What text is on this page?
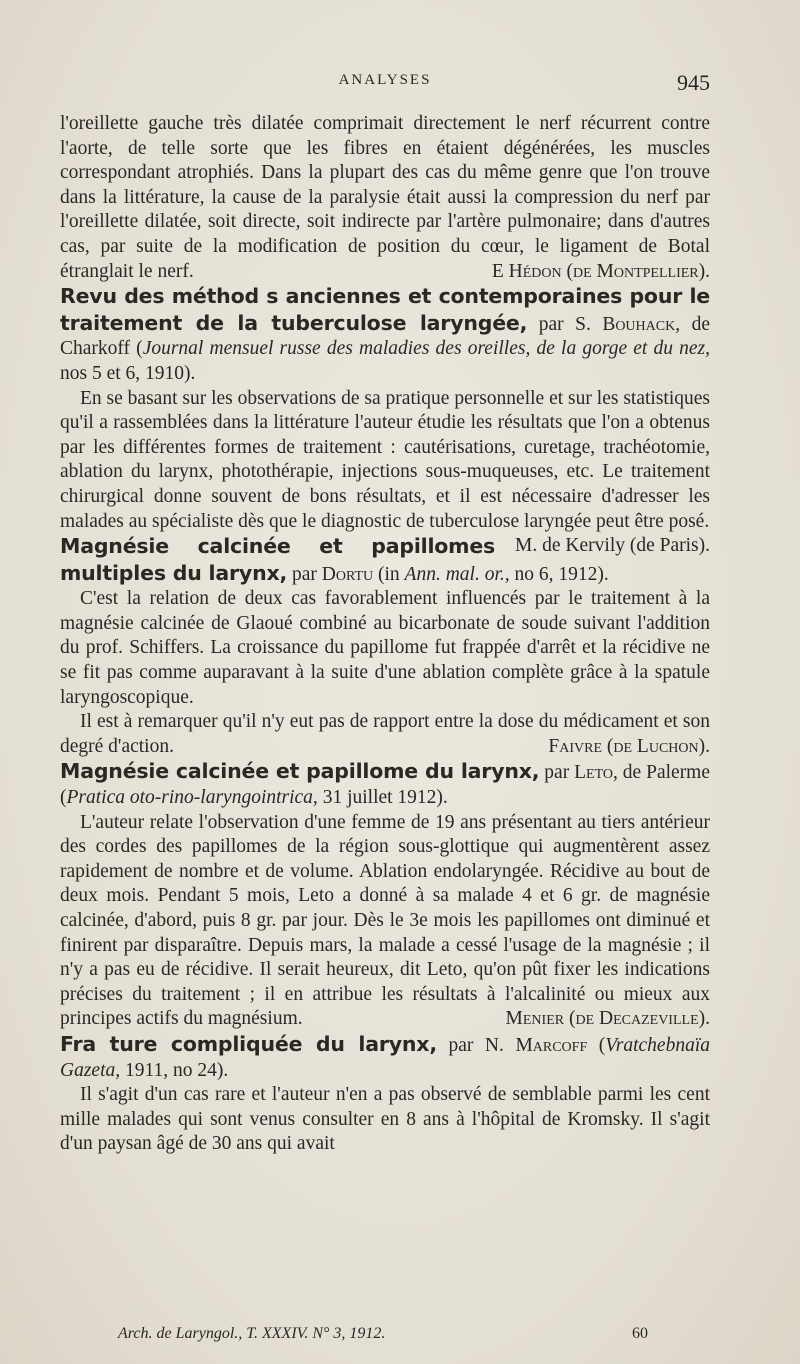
ANALYSES	945

l'oreillette gauche très dilatée comprimait directement le nerf récurrent contre l'aorte, de telle sorte que les fibres en étaient dégénérées, les muscles correspondant atrophiés. Dans la plupart des cas du même genre que l'on trouve dans la littérature, la cause de la paralysie était aussi la compression du nerf par l'oreillette dilatée, soit directe, soit indirecte par l'artère pulmonaire; dans d'autres cas, par suite de la modification de position du cœur, le ligament de Botal étranglait le nerf.	E Hédon (de Montpellier).

Revu des méthod s anciennes et contemporaines pour le traitement de la tuberculose laryngée, par S. Bouhack, de Charkoff (Journal mensuel russe des maladies des oreilles, de la gorge et du nez, nos 5 et 6, 1910).

En se basant sur les observations de sa pratique personnelle et sur les statistiques qu'il a rassemblées dans la littérature l'auteur étudie les résultats que l'on a obtenus par les différentes formes de traitement : cautérisations, curetage, trachéotomie, ablation du larynx, photothérapie, injections sous-muqueuses, etc. Le traitement chirurgical donne souvent de bons résultats, et il est nécessaire d'adresser les malades au spécialiste dès que le diagnostic de tuberculose laryngée peut être posé.
M. de Kervily (de Paris).

Magnésie calcinée et papillomes multiples du larynx, par Dortu (in Ann. mal. or., no 6, 1912).

C'est la relation de deux cas favorablement influencés par le traitement à la magnésie calcinée de Glaoué combiné au bicarbonate de soude suivant l'addition du prof. Schiffers. La croissance du papillome fut frappée d'arrêt et la récidive ne se fit pas comme auparavant à la suite d'une ablation complète grâce à la spatule laryngoscopique.

Il est à remarquer qu'il n'y eut pas de rapport entre la dose du médicament et son degré d'action.	Faivre (de Luchon).

Magnésie calcinée et papillome du larynx, par Leto, de Palerme (Pratica oto-rino-laryngointrica, 31 juillet 1912).

L'auteur relate l'observation d'une femme de 19 ans présentant au tiers antérieur des cordes des papillomes de la région sous-glottique qui augmentèrent assez rapidement de nombre et de volume. Ablation endolaryngée. Récidive au bout de deux mois. Pendant 5 mois, Leto a donné à sa malade 4 et 6 gr. de magnésie calcinée, d'abord, puis 8 gr. par jour. Dès le 3e mois les papillomes ont diminué et finirent par disparaître. Depuis mars, la malade a cessé l'usage de la magnésie ; il n'y a pas eu de récidive. Il serait heureux, dit Leto, qu'on pût fixer les indications précises du traitement ; il en attribue les résultats à l'alcalinité ou mieux aux principes actifs du magnésium.	Menier (de Decazeville).

Fra ture compliquée du larynx, par N. Marcoff (Vratchebnaïa Gazeta, 1911, no 24).

Il s'agit d'un cas rare et l'auteur n'en a pas observé de semblable parmi les cent mille malades qui sont venus consulter en 8 ans à l'hôpital de Kromsky. Il s'agit d'un paysan âgé de 30 ans qui avait

Arch. de Laryngol., T. XXXIV. N° 3, 1912.	60
